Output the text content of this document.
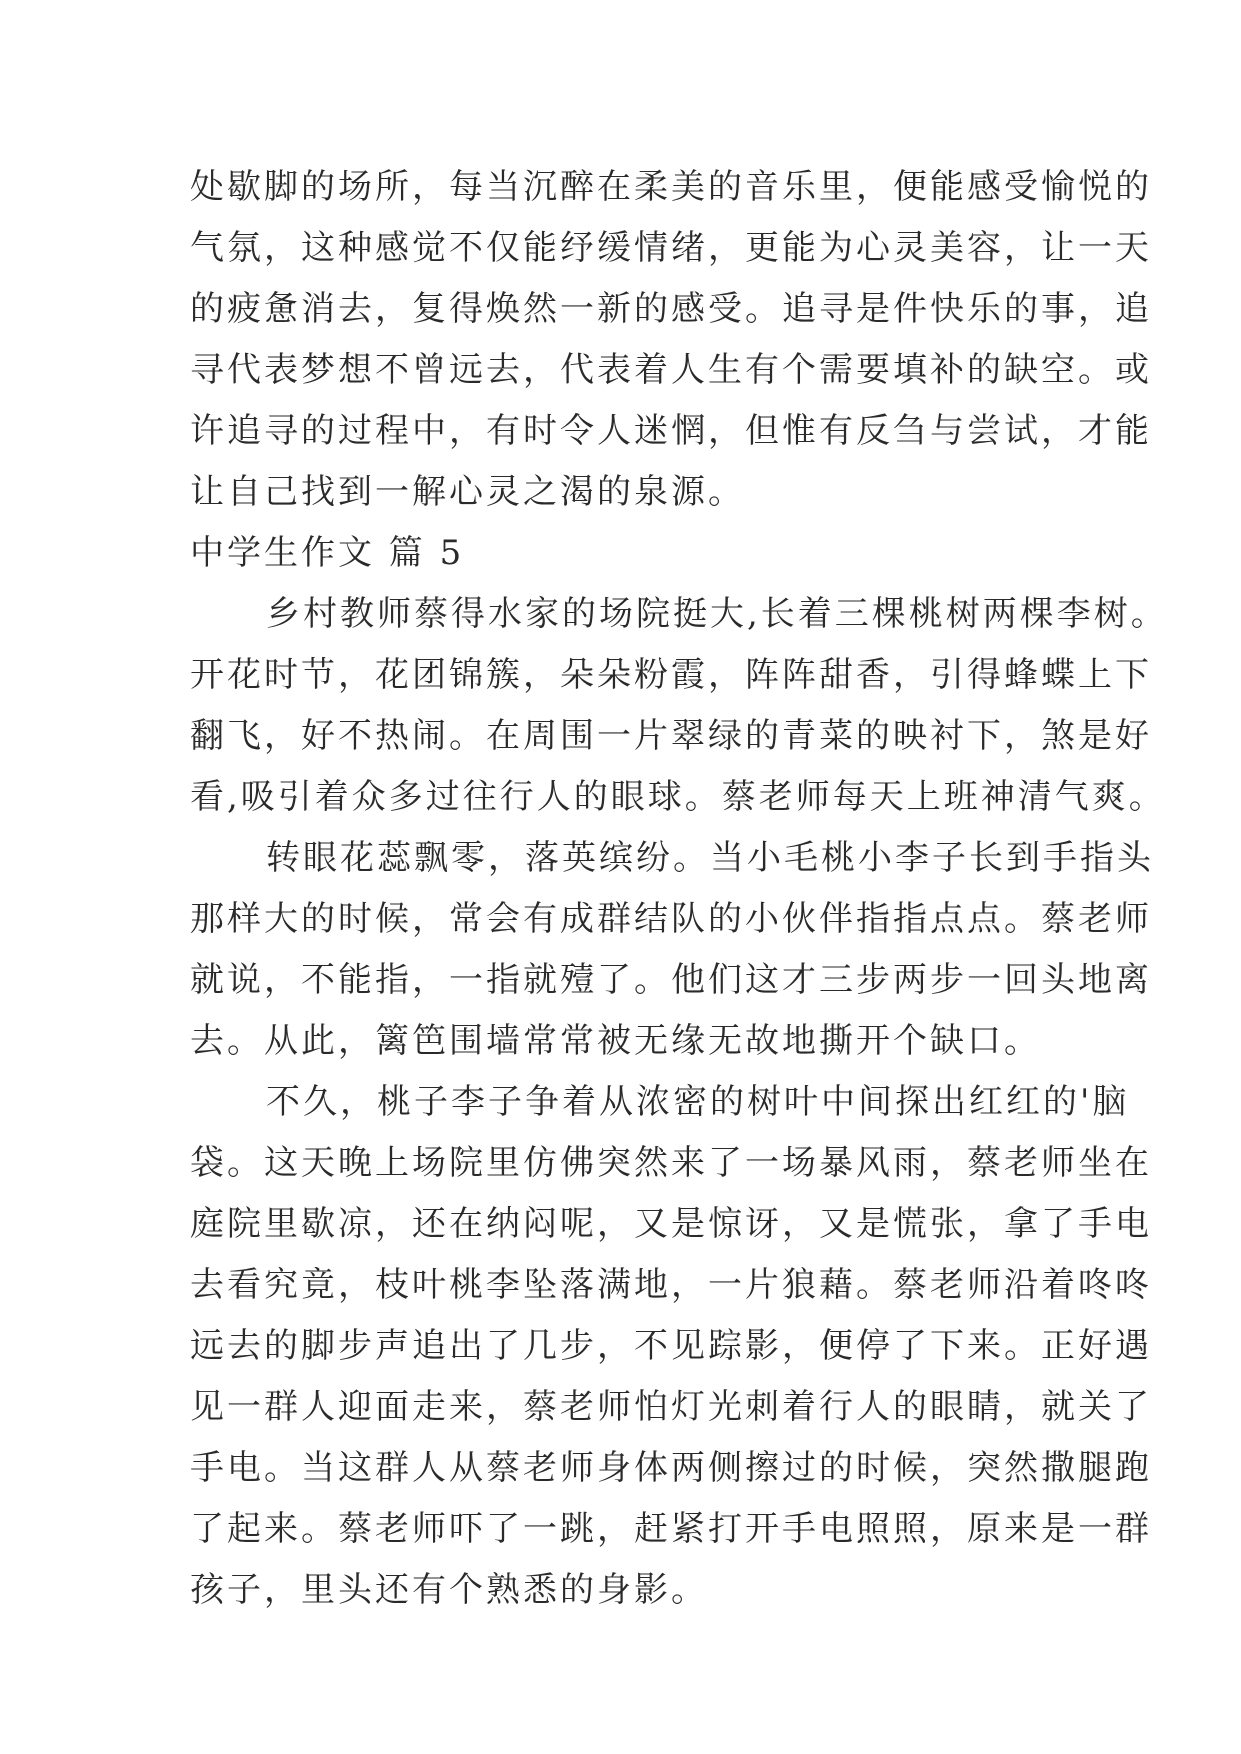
处歇脚的场所，每当沉醉在柔美的音乐里，便能感受愉悦的
气氛，这种感觉不仅能纾缓情绪，更能为心灵美容，让一天
的疲惫消去，复得焕然一新的感受。追寻是件快乐的事，追
寻代表梦想不曾远去，代表着人生有个需要填补的缺空。或
许追寻的过程中，有时令人迷惘，但惟有反刍与尝试，才能
让自己找到一解心灵之渴的泉源。
中学生作文 篇 5
乡村教师蔡得水家的场院挺大,长着三棵桃树两棵李树。
开花时节，花团锦簇，朵朵粉霞，阵阵甜香，引得蜂蝶上下
翻飞，好不热闹。在周围一片翠绿的青菜的映衬下，煞是好
看,吸引着众多过往行人的眼球。蔡老师每天上班神清气爽。
转眼花蕊飘零，落英缤纷。当小毛桃小李子长到手指头
那样大的时候，常会有成群结队的小伙伴指指点点。蔡老师
就说，不能指，一指就殪了。他们这才三步两步一回头地离
去。从此，篱笆围墙常常被无缘无故地撕开个缺口。
不久，桃子李子争着从浓密的树叶中间探出红红的'脑
袋。这天晚上场院里仿佛突然来了一场暴风雨，蔡老师坐在
庭院里歇凉，还在纳闷呢，又是惊讶，又是慌张，拿了手电
去看究竟，枝叶桃李坠落满地，一片狼藉。蔡老师沿着咚咚
远去的脚步声追出了几步，不见踪影，便停了下来。正好遇
见一群人迎面走来，蔡老师怕灯光刺着行人的眼睛，就关了
手电。当这群人从蔡老师身体两侧擦过的时候，突然撒腿跑
了起来。蔡老师吓了一跳，赶紧打开手电照照，原来是一群
孩子，里头还有个熟悉的身影。
